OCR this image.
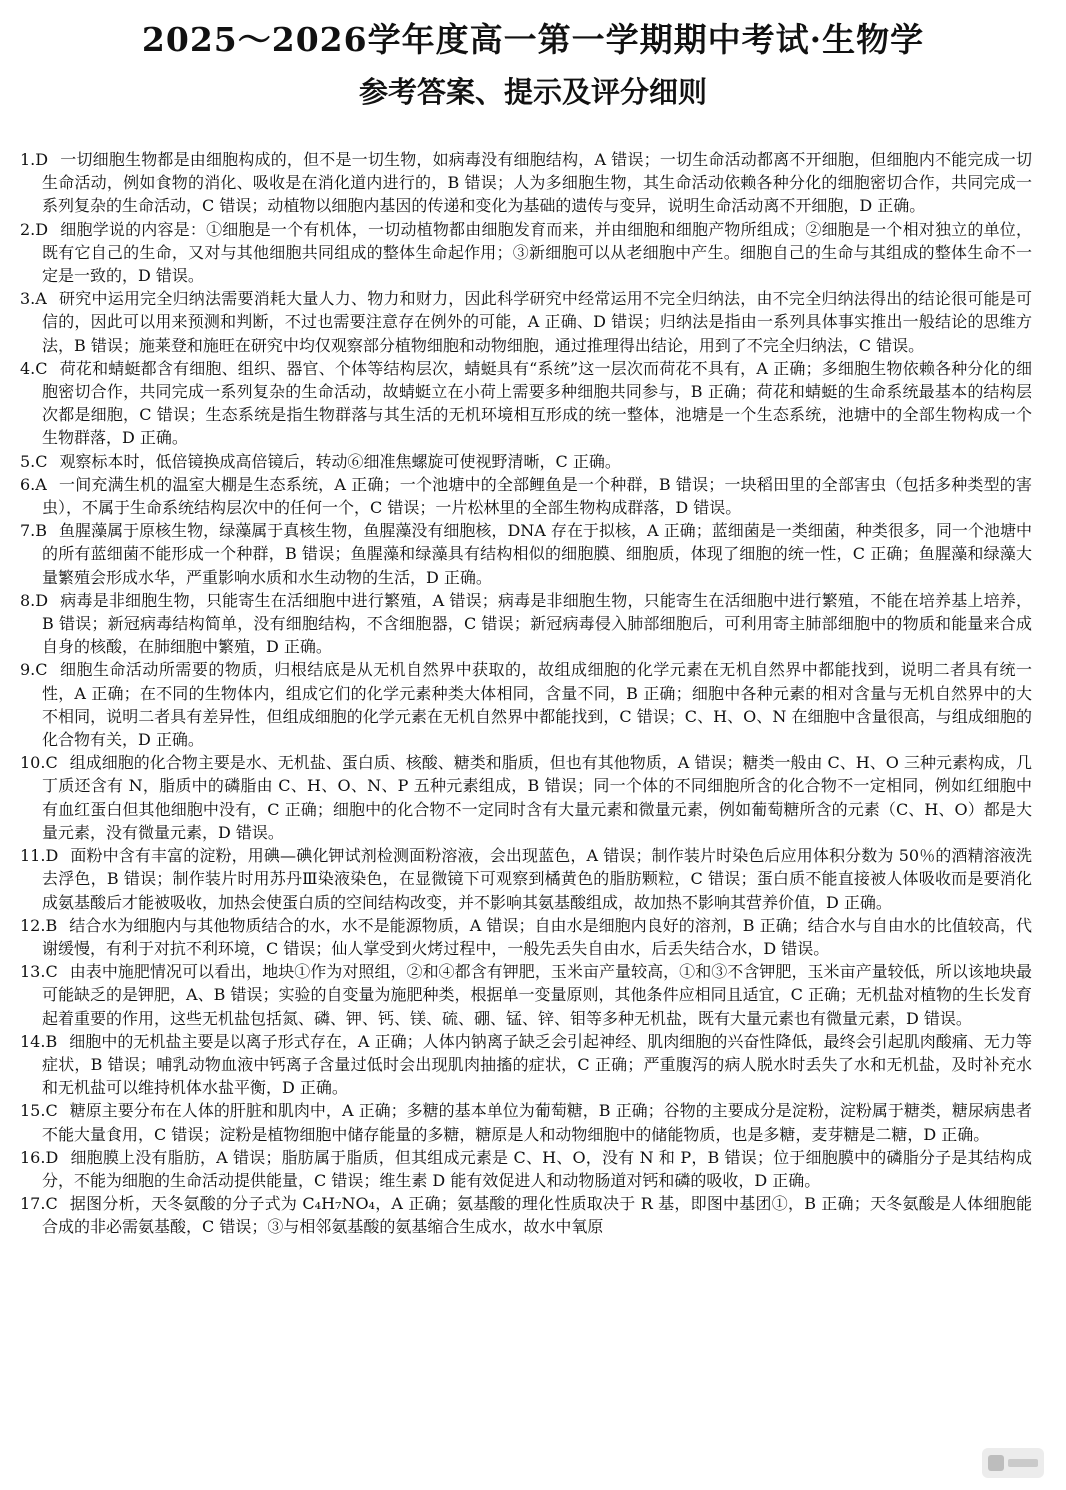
2025～2026学年度高一第一学期期中考试·生物学
参考答案、提示及评分细则

1.D 一切细胞生物都是由细胞构成的，但不是一切生物，如病毒没有细胞结构，A 错误；一切生命活动都离不开细胞，但细胞内不能完成一切生命活动，例如食物的消化、吸收是在消化道内进行的，B 错误；人为多细胞生物，其生命活动依赖各种分化的细胞密切合作，共同完成一系列复杂的生命活动，C 错误；动植物以细胞内基因的传递和变化为基础的遗传与变异，说明生命活动离不开细胞，D 正确。

2.D 细胞学说的内容是：①细胞是一个有机体，一切动植物都由细胞发育而来，并由细胞和细胞产物所组成；②细胞是一个相对独立的单位，既有它自己的生命，又对与其他细胞共同组成的整体生命起作用；③新细胞可以从老细胞中产生。细胞自己的生命与其组成的整体生命不一定是一致的，D 错误。

3.A 研究中运用完全归纳法需要消耗大量人力、物力和财力，因此科学研究中经常运用不完全归纳法，由不完全归纳法得出的结论很可能是可信的，因此可以用来预测和判断，不过也需要注意存在例外的可能，A 正确、D 错误；归纳法是指由一系列具体事实推出一般结论的思维方法，B 错误；施莱登和施旺在研究中均仅观察部分植物细胞和动物细胞，通过推理得出结论，用到了不完全归纳法，C 错误。

4.C 荷花和蜻蜓都含有细胞、组织、器官、个体等结构层次，蜻蜓具有“系统”这一层次而荷花不具有，A 正确；多细胞生物依赖各种分化的细胞密切合作，共同完成一系列复杂的生命活动，故蜻蜓立在小荷上需要多种细胞共同参与，B 正确；荷花和蜻蜓的生命系统最基本的结构层次都是细胞，C 错误；生态系统是指生物群落与其生活的无机环境相互形成的统一整体，池塘是一个生态系统，池塘中的全部生物构成一个生物群落，D 正确。

5.C 观察标本时，低倍镜换成高倍镜后，转动⑥细准焦螺旋可使视野清晰，C 正确。

6.A 一间充满生机的温室大棚是生态系统，A 正确；一个池塘中的全部鲤鱼是一个种群，B 错误；一块稻田里的全部害虫（包括多种类型的害虫），不属于生命系统结构层次中的任何一个，C 错误；一片松林里的全部生物构成群落，D 错误。

7.B 鱼腥藻属于原核生物，绿藻属于真核生物，鱼腥藻没有细胞核，DNA 存在于拟核，A 正确；蓝细菌是一类细菌，种类很多，同一个池塘中的所有蓝细菌不能形成一个种群，B 错误；鱼腥藻和绿藻具有结构相似的细胞膜、细胞质，体现了细胞的统一性，C 正确；鱼腥藻和绿藻大量繁殖会形成水华，严重影响水质和水生动物的生活，D 正确。

8.D 病毒是非细胞生物，只能寄生在活细胞中进行繁殖，A 错误；病毒是非细胞生物，只能寄生在活细胞中进行繁殖，不能在培养基上培养，B 错误；新冠病毒结构简单，没有细胞结构，不含细胞器，C 错误；新冠病毒侵入肺部细胞后，可利用寄主肺部细胞中的物质和能量来合成自身的核酸，在肺细胞中繁殖，D 正确。

9.C 细胞生命活动所需要的物质，归根结底是从无机自然界中获取的，故组成细胞的化学元素在无机自然界中都能找到，说明二者具有统一性，A 正确；在不同的生物体内，组成它们的化学元素种类大体相同，含量不同，B 正确；细胞中各种元素的相对含量与无机自然界中的大不相同，说明二者具有差异性，但组成细胞的化学元素在无机自然界中都能找到，C 错误；C、H、O、N 在细胞中含量很高，与组成细胞的化合物有关，D 正确。

10.C 组成细胞的化合物主要是水、无机盐、蛋白质、核酸、糖类和脂质，但也有其他物质，A 错误；糖类一般由 C、H、O 三种元素构成，几丁质还含有 N，脂质中的磷脂由 C、H、O、N、P 五种元素组成，B 错误；同一个体的不同细胞所含的化合物不一定相同，例如红细胞中有血红蛋白但其他细胞中没有，C 正确；细胞中的化合物不一定同时含有大量元素和微量元素，例如葡萄糖所含的元素（C、H、O）都是大量元素，没有微量元素，D 错误。

11.D 面粉中含有丰富的淀粉，用碘—碘化钾试剂检测面粉溶液，会出现蓝色，A 错误；制作装片时染色后应用体积分数为 50％的酒精溶液洗去浮色，B 错误；制作装片时用苏丹Ⅲ染液染色，在显微镜下可观察到橘黄色的脂肪颗粒，C 错误；蛋白质不能直接被人体吸收而是要消化成氨基酸后才能被吸收，加热会使蛋白质的空间结构改变，并不影响其氨基酸组成，故加热不影响其营养价值，D 正确。

12.B 结合水为细胞内与其他物质结合的水，水不是能源物质，A 错误；自由水是细胞内良好的溶剂，B 正确；结合水与自由水的比值较高，代谢缓慢，有利于对抗不利环境，C 错误；仙人掌受到火烤过程中，一般先丢失自由水，后丢失结合水，D 错误。

13.C 由表中施肥情况可以看出，地块①作为对照组，②和④都含有钾肥，玉米亩产量较高，①和③不含钾肥，玉米亩产量较低，所以该地块最可能缺乏的是钾肥，A、B 错误；实验的自变量为施肥种类，根据单一变量原则，其他条件应相同且适宜，C 正确；无机盐对植物的生长发育起着重要的作用，这些无机盐包括氮、磷、钾、钙、镁、硫、硼、锰、锌、钼等多种无机盐，既有大量元素也有微量元素，D 错误。

14.B 细胞中的无机盐主要是以离子形式存在，A 正确；人体内钠离子缺乏会引起神经、肌肉细胞的兴奋性降低，最终会引起肌肉酸痛、无力等症状，B 错误；哺乳动物血液中钙离子含量过低时会出现肌肉抽搐的症状，C 正确；严重腹泻的病人脱水时丢失了水和无机盐，及时补充水和无机盐可以维持机体水盐平衡，D 正确。

15.C 糖原主要分布在人体的肝脏和肌肉中，A 正确；多糖的基本单位为葡萄糖，B 正确；谷物的主要成分是淀粉，淀粉属于糖类，糖尿病患者不能大量食用，C 错误；淀粉是植物细胞中储存能量的多糖，糖原是人和动物细胞中的储能物质，也是多糖，麦芽糖是二糖，D 正确。

16.D 细胞膜上没有脂肪，A 错误；脂肪属于脂质，但其组成元素是 C、H、O，没有 N 和 P，B 错误；位于细胞膜中的磷脂分子是其结构成分，不能为细胞的生命活动提供能量，C 错误；维生素 D 能有效促进人和动物肠道对钙和磷的吸收，D 正确。

17.C 据图分析，天冬氨酸的分子式为 C₄H₇NO₄，A 正确；氨基酸的理化性质取决于 R 基，即图中基团①，B 正确；天冬氨酸是人体细胞能合成的非必需氨基酸，C 错误；③与相邻氨基酸的氨基缩合生成水，故水中氧原
